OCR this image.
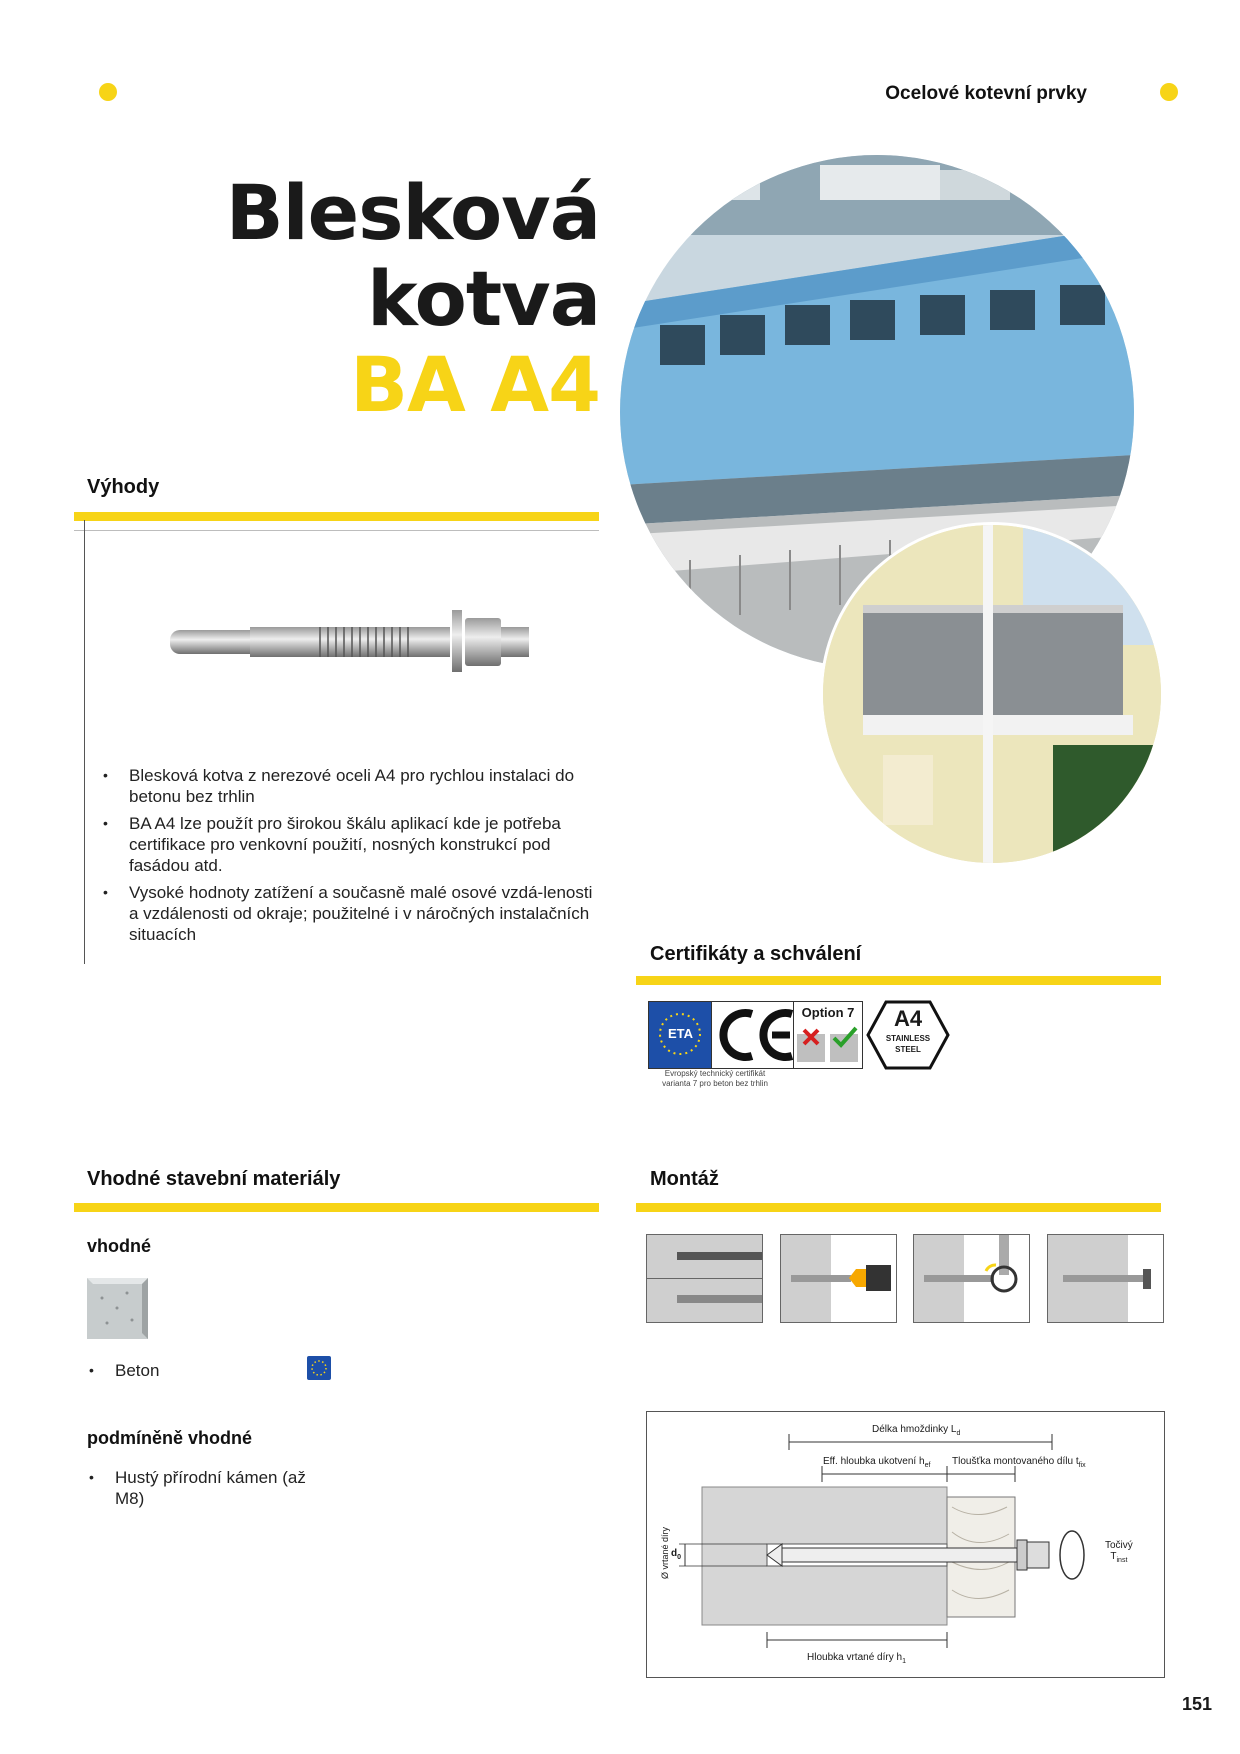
Ocelové kotevní prvky
Blesková
kotva
BA A4
Výhody
• Blesková kotva z nerezové oceli A4 pro rychlou instalaci do betonu bez trhlin
• BA A4 lze použít pro širokou škálu aplikací kde je potřeba certifikace pro venkovní použití, nosných konstrukcí pod fasádou atd.
• Vysoké hodnoty zatížení a současně malé osové vzdá-lenosti a vzdálenosti od okraje; použitelné i v náročných instalačních situacích
Certifikáty a schválení
ETA
Option 7	A4
STAINLESS
STEEL
Evropský technický certifikát
varianta 7 pro beton bez trhlin
Vhodné stavební materiály
vhodné
• Beton
podmíněně vhodné
• Hustý přírodní kámen (až M8)
Montáž
Délka hmoždinky $L_d$
Eff. hloubka ukotvení $h_{ef}$ Tloušťka montovaného dílu $t_{fix}$
Ø vrtané díry $d_0$
Točivý
$T_{inst}$
Hloubka vrtané díry $h_1$
151
